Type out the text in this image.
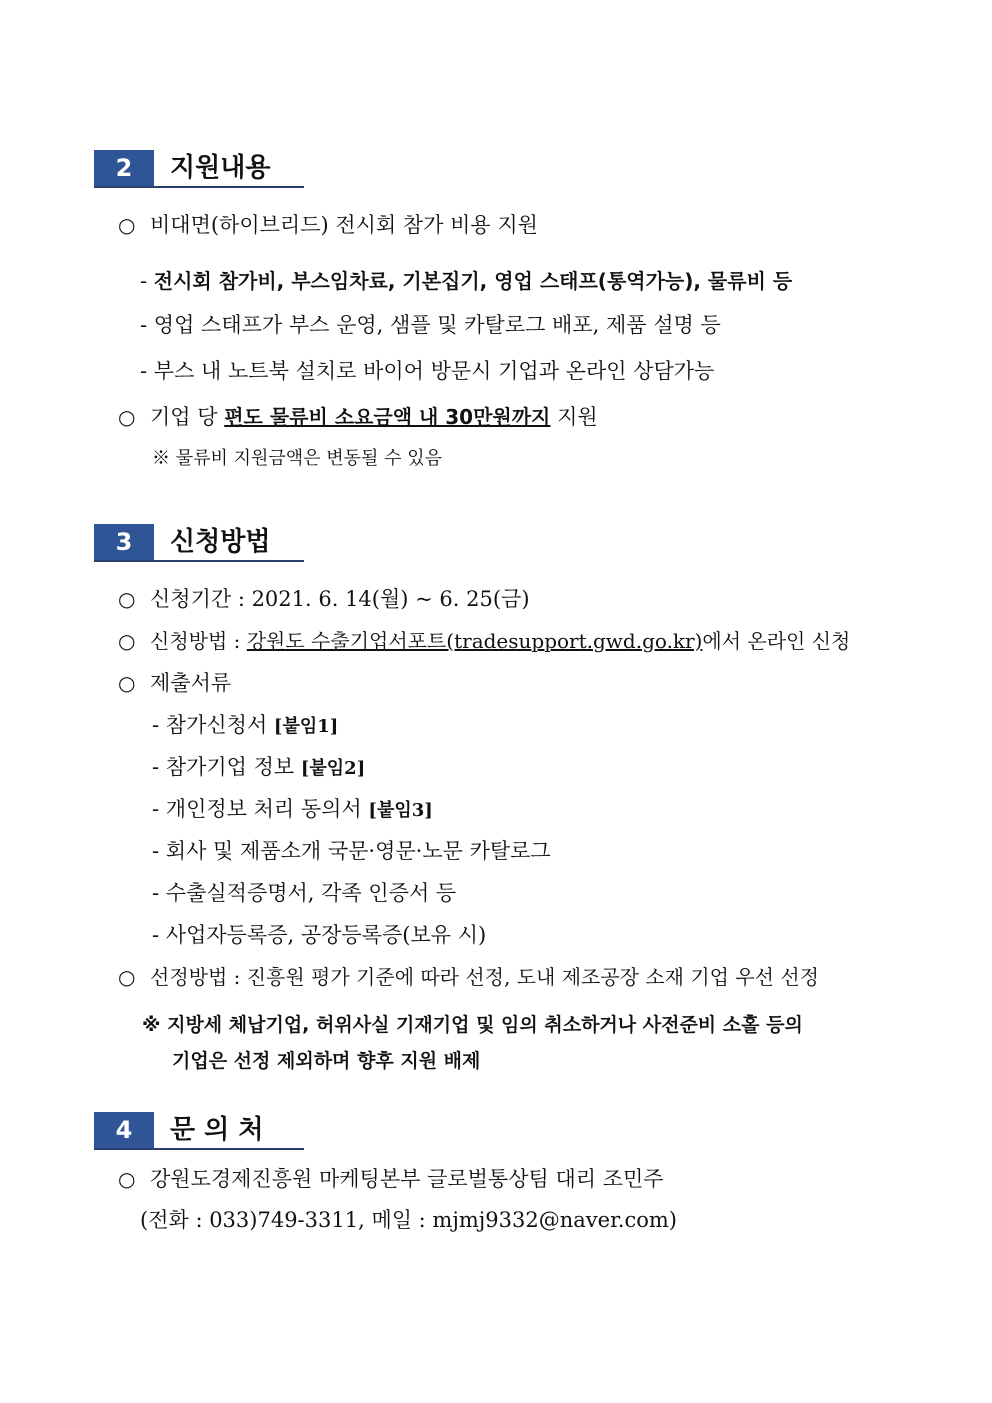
2	지원내용
○ 비대면(하이브리드) 전시회 참가 비용 지원
- 전시회 참가비, 부스임차료, 기본집기, 영업 스태프(통역가능), 물류비 등
- 영업 스태프가 부스 운영, 샘플 및 카탈로그 배포, 제품 설명 등
- 부스 내 노트북 설치로 바이어 방문시 기업과 온라인 상담가능
○ 기업 당 편도 물류비 소요금액 내 30만원까지 지원
※ 물류비 지원금액은 변동될 수 있음
3	신청방법
○ 신청기간 : 2021. 6. 14(월) ~ 6. 25(금)
○ 신청방법 : 강원도 수출기업서포트(tradesupport.gwd.go.kr)에서 온라인 신청
○ 제출서류
- 참가신청서 [붙임1]
- 참가기업 정보 [붙임2]
- 개인정보 처리 동의서 [붙임3]
- 회사 및 제품소개 국문·영문·노문 카탈로그
- 수출실적증명서, 각족 인증서 등
- 사업자등록증, 공장등록증(보유 시)
○ 선정방법 : 진흥원 평가 기준에 따라 선정, 도내 제조공장 소재 기업 우선 선정
※ 지방세 체납기업, 허위사실 기재기업 및 임의 취소하거나 사전준비 소홀 등의
기업은 선정 제외하며 향후 지원 배제
4	문 의 처
○ 강원도경제진흥원 마케팅본부 글로벌통상팀 대리 조민주
(전화 : 033)749-3311, 메일 : mjmj9332@naver.com)
